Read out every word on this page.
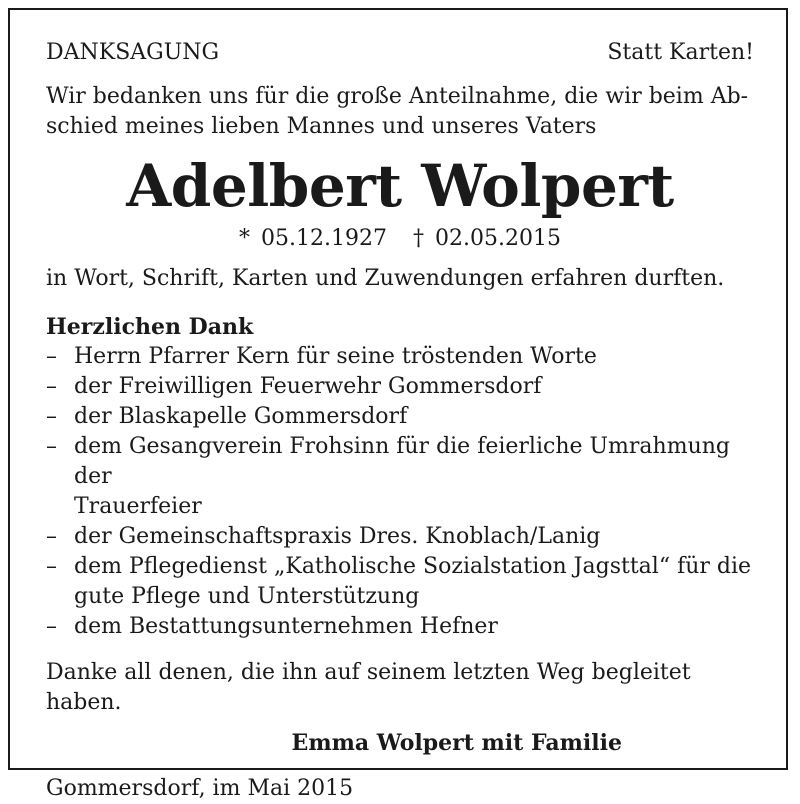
DANKSAGUNG	Statt Karten!
Wir bedanken uns für die große Anteilnahme, die wir beim Ab-
schied meines lieben Mannes und unseres Vaters
Adelbert Wolpert
* 05.12.1927 † 02.05.2015
in Wort, Schrift, Karten und Zuwendungen erfahren durften.
Herzlichen Dank
– Herrn Pfarrer Kern für seine tröstenden Worte
– der Freiwilligen Feuerwehr Gommersdorf
– der Blaskapelle Gommersdorf
– dem Gesangverein Frohsinn für die feierliche Umrahmung der
Trauerfeier
– der Gemeinschaftspraxis Dres. Knoblach/Lanig
– dem Pflegedienst „Katholische Sozialstation Jagsttal“ für die
gute Pflege und Unterstützung
– dem Bestattungsunternehmen Hefner
Danke all denen, die ihn auf seinem letzten Weg begleitet haben.
Emma Wolpert mit Familie
Gommersdorf, im Mai 2015
